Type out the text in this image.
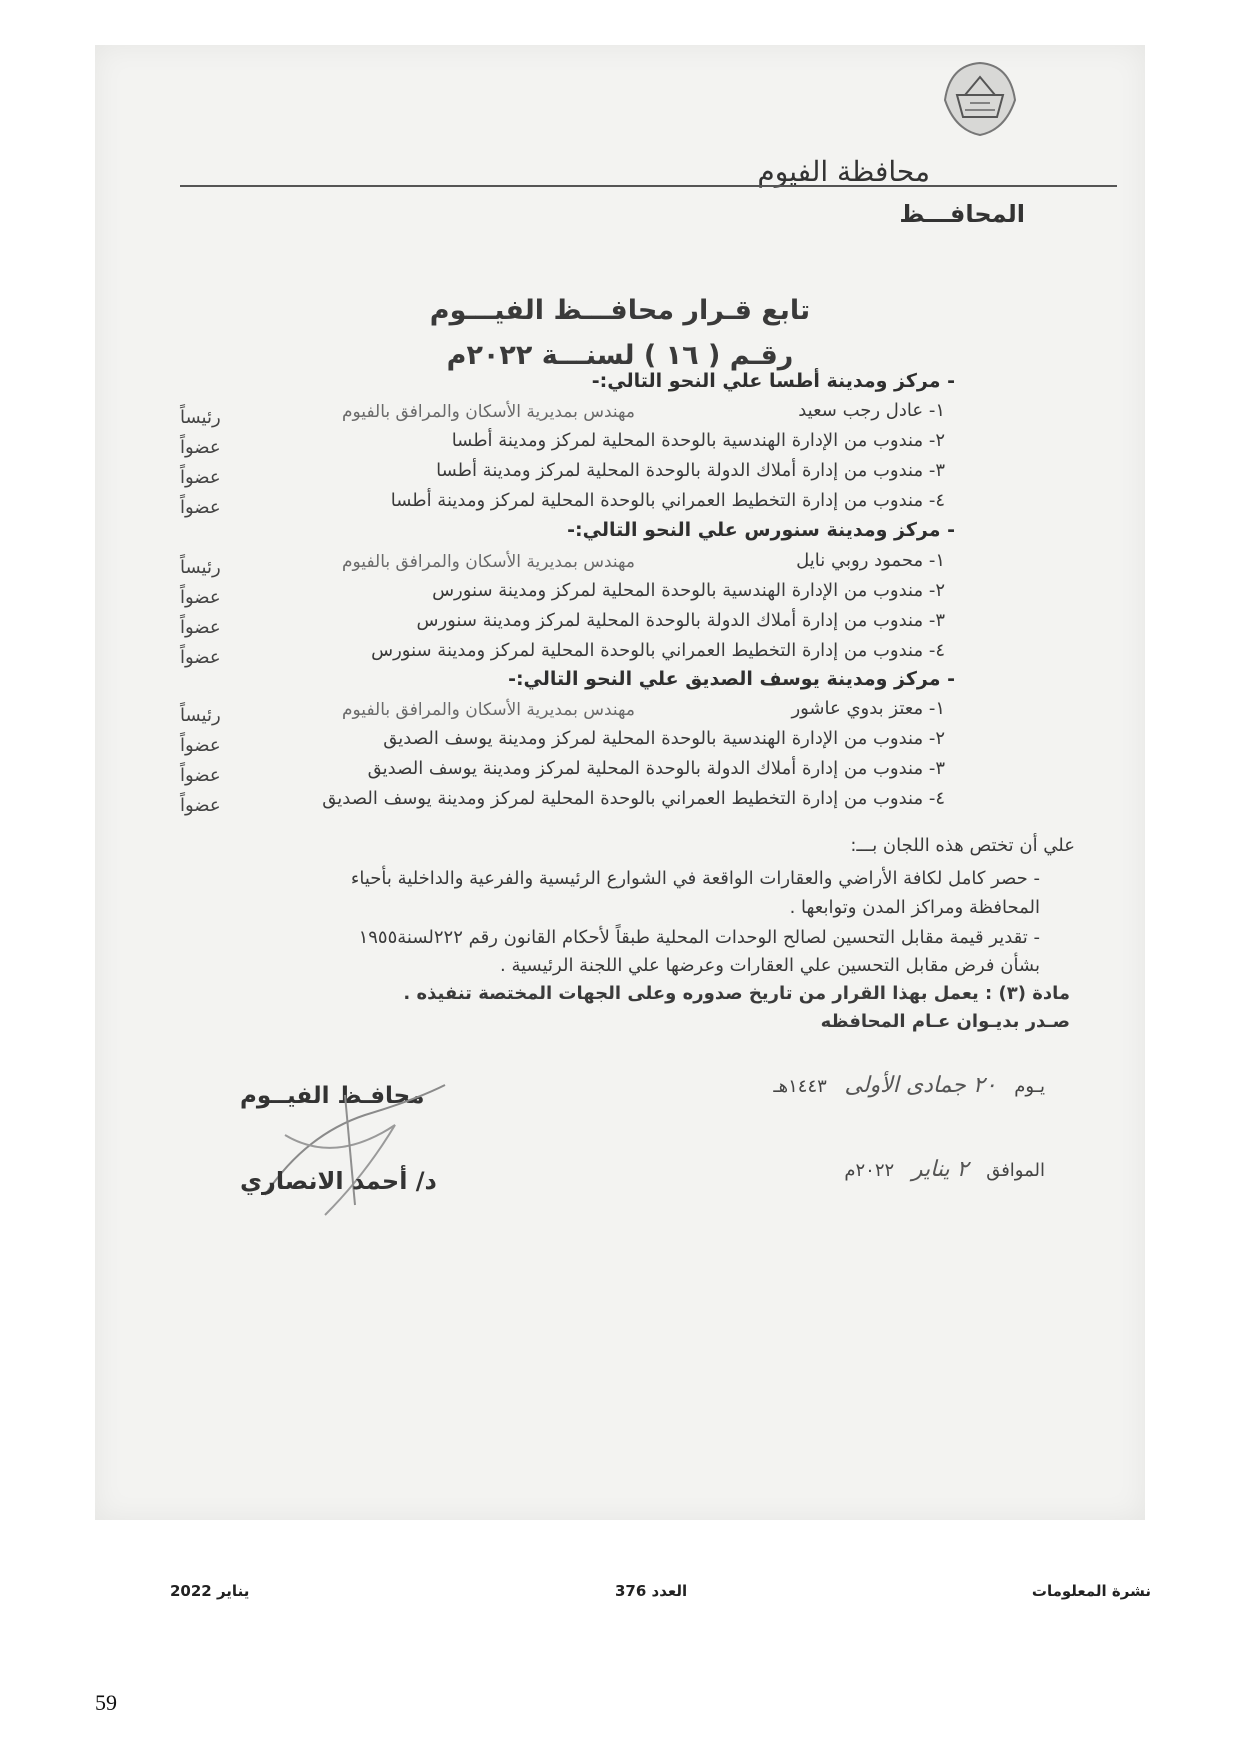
محافظة الفيوم
المحافـــظ
تابع قـرار محافـــظ الفيـــوم
رقـم ( ١٦ ) لسنـــة ٢٠٢٢م
- مركز ومدينة أطسا علي النحو التالي:-
١- عادل رجب سعيد
مهندس بمديرية الأسكان والمرافق بالفيوم
رئيساً
٢- مندوب من الإدارة الهندسية بالوحدة المحلية لمركز ومدينة أطسا
عضواً
٣- مندوب من إدارة أملاك الدولة بالوحدة المحلية لمركز ومدينة أطسا
عضواً
٤- مندوب من إدارة التخطيط العمراني بالوحدة المحلية لمركز ومدينة أطسا
عضواً
- مركز ومدينة سنورس علي النحو التالي:-
١- محمود روبي نايل
مهندس بمديرية الأسكان والمرافق بالفيوم
رئيساً
٢- مندوب من الإدارة الهندسية بالوحدة المحلية لمركز ومدينة سنورس
عضواً
٣- مندوب من إدارة أملاك الدولة بالوحدة المحلية لمركز ومدينة سنورس
عضواً
٤- مندوب من إدارة التخطيط العمراني بالوحدة المحلية لمركز ومدينة سنورس
عضواً
- مركز ومدينة يوسف الصديق علي النحو التالي:-
١- معتز بدوي عاشور
مهندس بمديرية الأسكان والمرافق بالفيوم
رئيساً
٢- مندوب من الإدارة الهندسية بالوحدة المحلية لمركز ومدينة يوسف الصديق
عضواً
٣- مندوب من إدارة أملاك الدولة بالوحدة المحلية لمركز ومدينة يوسف الصديق
عضواً
٤- مندوب من إدارة التخطيط العمراني بالوحدة المحلية لمركز ومدينة يوسف الصديق
عضواً
علي أن تختص هذه اللجان بـــ:
- حصر كامل لكافة الأراضي والعقارات الواقعة في الشوارع الرئيسية والفرعية والداخلية بأحياء
المحافظة ومراكز المدن وتوابعها .
- تقدير قيمة مقابل التحسين لصالح الوحدات المحلية طبقاً لأحكام القانون رقم ٢٢٢لسنة١٩٥٥
بشأن فرض مقابل التحسين علي العقارات وعرضها علي اللجنة الرئيسية .
مادة (٣) : يعمل بهذا القرار من تاريخ صدوره وعلى الجهات المختصة تنفيذه .
صـدر بديـوان عـام المحافظه
يـوم ٢٠ جمادى الأولى ١٤٤٣هـ
الموافق ٢ يناير ٢٠٢٢م
محافـظ الفيــوم
د/ أحمد الانصاري
نشرة المعلومات
العدد 376
يناير 2022
59
